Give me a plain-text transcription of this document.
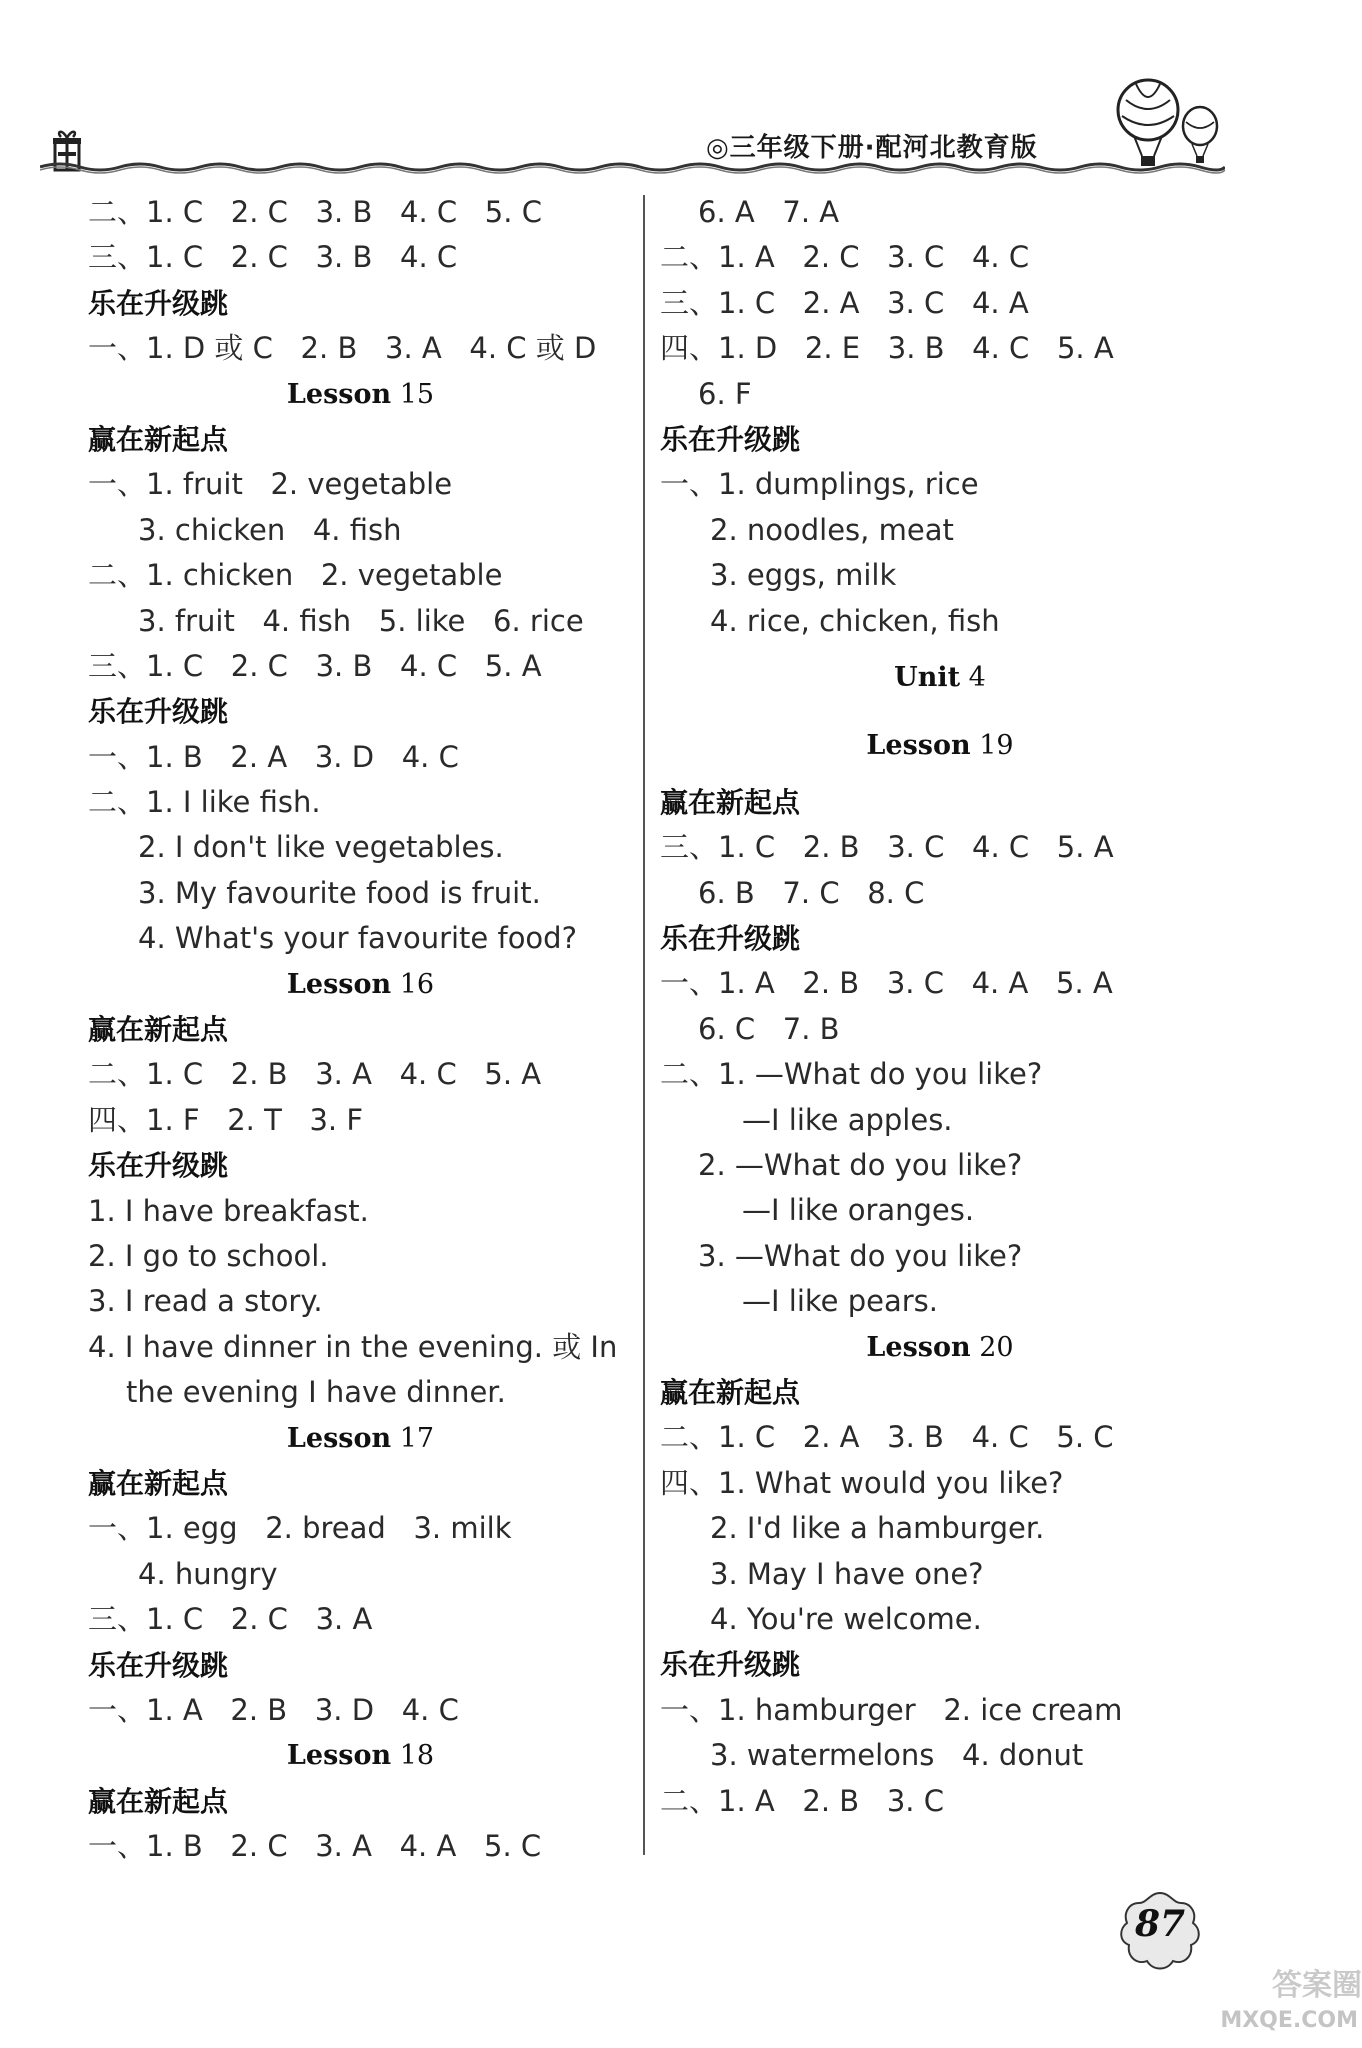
◎三年级下册·配河北教育版
二、1. C   2. C   3. B   4. C   5. C
三、1. C   2. C   3. B   4. C
乐在升级跳
一、1. D 或 C   2. B   3. A   4. C 或 D
Lesson 15
赢在新起点
一、1. fruit   2. vegetable
3. chicken   4. fish
二、1. chicken   2. vegetable
3. fruit   4. fish   5. like   6. rice
三、1. C   2. C   3. B   4. C   5. A
乐在升级跳
一、1. B   2. A   3. D   4. C
二、1. I like fish.
2. I don't like vegetables.
3. My favourite food is fruit.
4. What's your favourite food?
Lesson 16
赢在新起点
二、1. C   2. B   3. A   4. C   5. A
四、1. F   2. T   3. F
乐在升级跳
1. I have breakfast.
2. I go to school.
3. I read a story.
4. I have dinner in the evening. 或 In
the evening I have dinner.
Lesson 17
赢在新起点
一、1. egg   2. bread   3. milk
4. hungry
三、1. C   2. C   3. A
乐在升级跳
一、1. A   2. B   3. D   4. C
Lesson 18
赢在新起点
一、1. B   2. C   3. A   4. A   5. C
6. A   7. A
二、1. A   2. C   3. C   4. C
三、1. C   2. A   3. C   4. A
四、1. D   2. E   3. B   4. C   5. A
6. F
乐在升级跳
一、1. dumplings, rice
2. noodles, meat
3. eggs, milk
4. rice, chicken, fish
Unit 4
Lesson 19
赢在新起点
三、1. C   2. B   3. C   4. C   5. A
6. B   7. C   8. C
乐在升级跳
一、1. A   2. B   3. C   4. A   5. A
6. C   7. B
二、1. —What do you like?
—I like apples.
2. —What do you like?
—I like oranges.
3. —What do you like?
—I like pears.
Lesson 20
赢在新起点
二、1. C   2. A   3. B   4. C   5. C
四、1. What would you like?
2. I'd like a hamburger.
3. May I have one?
4. You're welcome.
乐在升级跳
一、1. hamburger   2. ice cream
3. watermelons   4. donut
二、1. A   2. B   3. C
87
答案圈
MXQE.COM
